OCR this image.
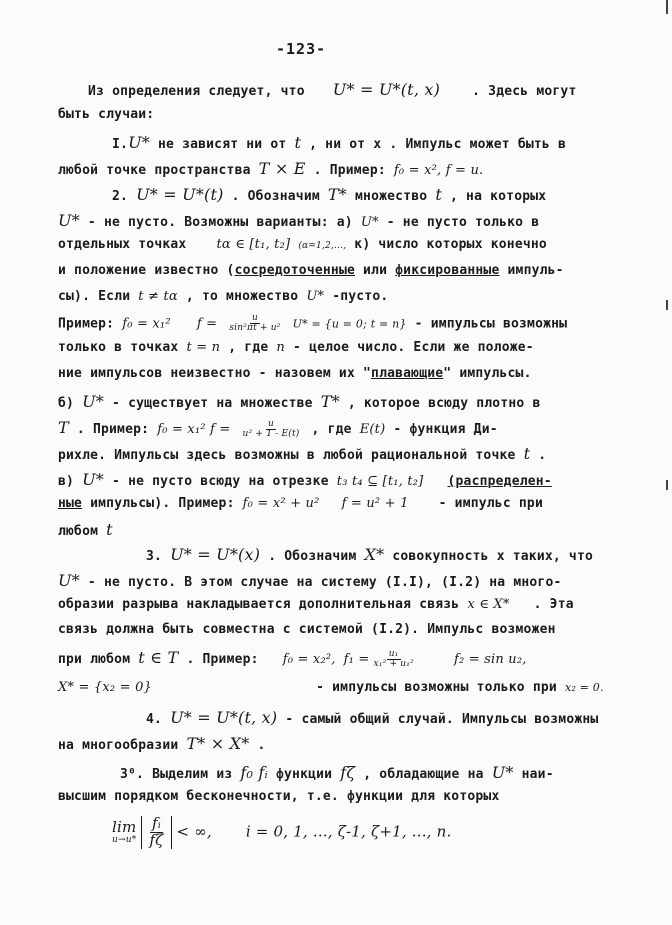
-123-
Из определения следует, что U* = U*(t, x) . Здесь могут
быть случаи:
I.U* не зависят ни от t , ни от x . Импульс может быть в
любой точке пространства T × E . Пример: f₀ = x², f = u.
2. U* = U*(t) . Обозначим T* множество t , на которых
U* - не пусто. Возможны варианты: а) U* - не пусто только в
отдельных точках tα ∈ [t₁, t₂] (α=1,2,..., к) число которых конечно
и положение известно (сосредоточенные или фиксированные импуль-
сы). Если t ≠ tα , то множество U* -пусто.
Пример: f₀ = x₁² $f = \frac{u}{\text{sin²πt + u²}} U* = \{u = 0$; t = n} - импульсы возможны
только в точках t = n , где n - целое число. Если же положе-
ние импульсов неизвестно - назовем их "плавающие" импульсы.
б) U* - существует на множестве T* , которое всюду плотно в
T . Пример: f₀ = x₁² $f = \frac{u}{\text{u² + 1 - E(t)}}$ , где E(t) - функция Ди-
рихле. Импульсы здесь возможны в любой рациональной точке t .
в) U* - не пусто всюду на отрезке t₃ t₄ ⊆ [t₁, t₂] (распределен-
ные импульсы). Пример: f₀ = x² + u² f = u² + 1 - импульс при
любом t
3. U* = U*(x) . Обозначим X* совокупность x таких, что
U* - не пусто. В этом случае на систему (I.I), (I.2) на много-
образии разрыва накладывается дополнительная связь x ∈ X* . Эта
связь должна быть совместна с системой (I.2). Импульс возможен
при любом t ∈ T . Пример: f₀ = x₂², $f_1 = \frac{\text{u₁}}{\text{x₁² + u₁²}}$	f₂ = sin u₂,
X* = {x₂ = 0}	- импульсы возможны только при x₂ = 0.
4. U* = U*(t, x) - самый общий случай. Импульсы возможны
на многообразии T* × X* .
3⁰. Выделим из f₀ fᵢ функции fζ , обладающие на U* наи-
высшим порядком бесконечности, т.е. функции для которых
lim
u→u*
$\frac{\text{fᵢ}}{f\zeta}$ < ∞, i = 0, 1, ..., ζ-1, ζ+1, ..., n.
